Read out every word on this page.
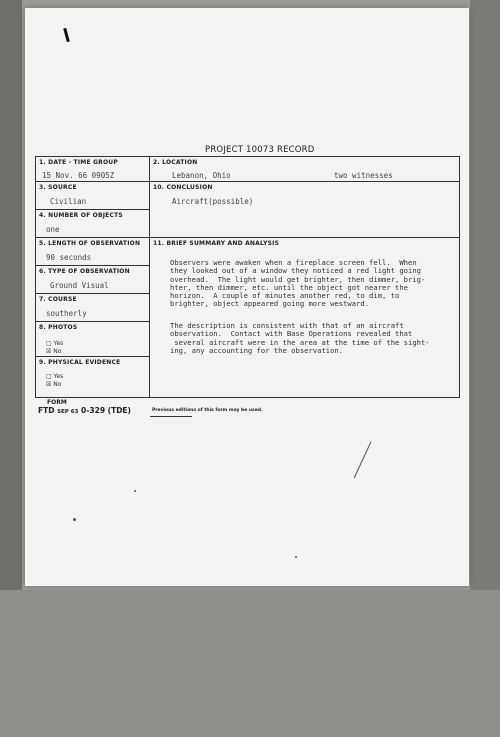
PROJECT 10073 RECORD
1. DATE - TIME GROUP
15 Nov. 66 0905Z
3. SOURCE
Civilian
4. NUMBER OF OBJECTS
one
5. LENGTH OF OBSERVATION
90 seconds
6. TYPE OF OBSERVATION
Ground Visual
7. COURSE
southerly
8. PHOTOS
□ Yes
☒ No
9. PHYSICAL EVIDENCE
□ Yes
☒ No
2. LOCATION
Lebanon, Ohio	two witnesses
10. CONCLUSION
Aircraft(possible)
11. BRIEF SUMMARY AND ANALYSIS
Observers were awaken when a fireplace screen fell.  When
they looked out of a window they noticed a red light going
overhead.  The light would get brighter, then dimmer, brig-
hter, then dimmer, etc. until the object got nearer the
horizon.  A couple of minutes another red, to dim, to
brighter, object appeared going more westward.
The description is consistent with that of an aircraft
observation.  Contact with Base Operations revealed that
several aircraft were in the area at the time of the sight-
ing, any accounting for the observation.
FORM
FTD SEP 63 0-329 (TDE)	Previous editions of this form may be used.
